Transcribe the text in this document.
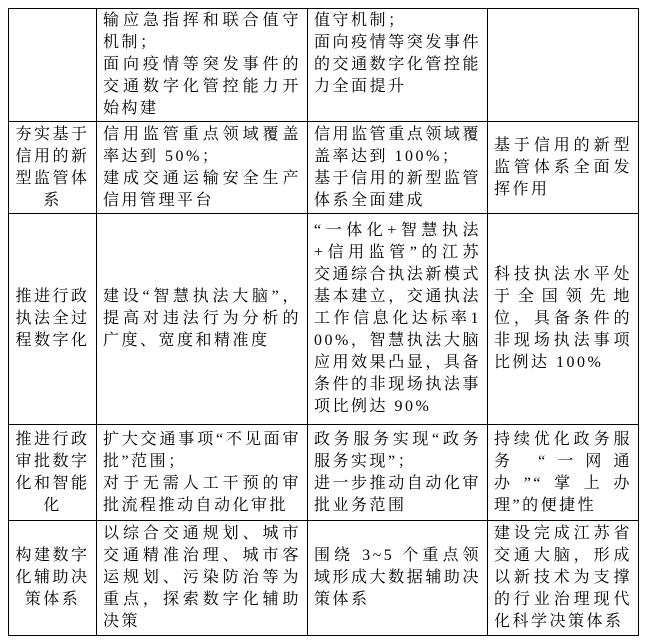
输应急指挥和联合值守机制；

面向疫情等突发事件的交通数字化管控能力开始构建

值守机制；

面向疫情等突发事件的交通数字化管控能力全面提升

夯实基于信用的新型监管体系

信用监管重点领域覆盖率达到 50%；

建成交通运输安全生产信用管理平台

信用监管重点领域覆盖率达到 100%；

基于信用的新型监管体系全面建成

基于信用的新型监管体系全面发挥作用

推进行政执法全过程数字化

建设“智慧执法大脑”，提高对违法行为分析的广度、宽度和精准度

“一体化+智慧执法+信用监管”的江苏交通综合执法新模式基本建立，交通执法工作信息化达标率100%，智慧执法大脑应用效果凸显，具备条件的非现场执法事项比例达 90%

科技执法水平处于全国领先地位，具备条件的非现场执法事项比例达 100%

推进行政审批数字化和智能化

扩大交通事项“不见面审批”范围；

对于无需人工干预的审批流程推动自动化审批

政务服务实现“政务服务实现”；

进一步推动自动化审批业务范围

持续优化政务服务 “一网通办”“掌上办理”的便捷性

构建数字化辅助决策体系

以综合交通规划、城市交通精准治理、城市客运规划、污染防治等为重点，探索数字化辅助决策

围绕 3~5 个重点领域形成大数据辅助决策体系

建设完成江苏省交通大脑，形成以新技术为支撑的行业治理现代化科学决策体系
